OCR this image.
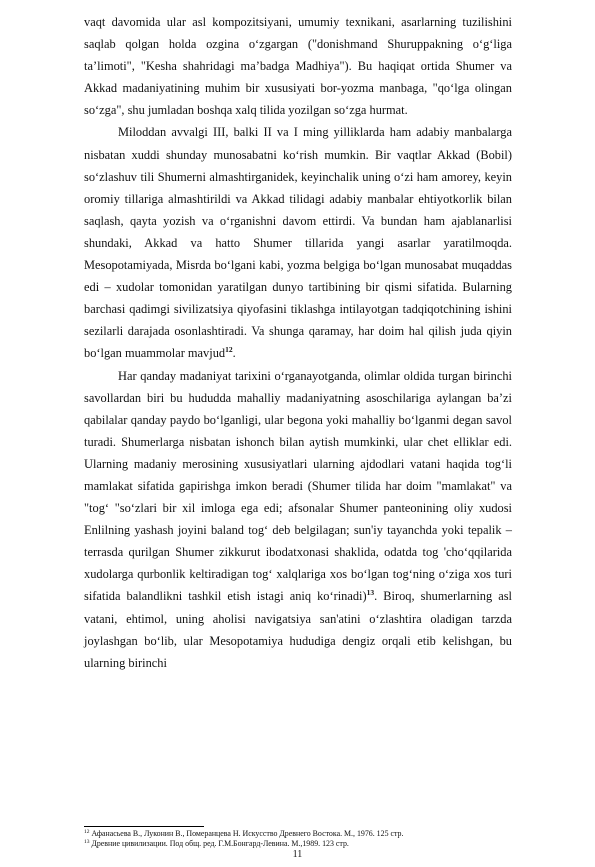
vaqt davomida ular asl kompozitsiyani, umumiy texnikani, asarlarning tuzilishini saqlab qolgan holda ozgina o‘zgargan ("donishmand Shuruppakning o‘g‘liga ta’limoti", "Kesha shahridagi ma’badga Madhiya"). Bu haqiqat ortida Shumer va Akkad madaniyatining muhim bir xususiyati bor-yozma manbaga, "qo‘lga olingan so‘zga", shu jumladan boshqa xalq tilida yozilgan so‘zga hurmat.

Miloddan avvalgi III, balki II va I ming yilliklarda ham adabiy manbalarga nisbatan xuddi shunday munosabatni ko‘rish mumkin. Bir vaqtlar Akkad (Bobil) so‘zlashuv tili Shumerni almashtirganidek, keyinchalik uning o‘zi ham amorey, keyin oromiy tillariga almashtirildi va Akkad tilidagi adabiy manbalar ehtiyotkorlik bilan saqlash, qayta yozish va o‘rganishni davom ettirdi. Va bundan ham ajablanarlisi shundaki, Akkad va hatto Shumer tillarida yangi asarlar yaratilmoqda. Mesopotamiyada, Misrda bo‘lgani kabi, yozma belgiga bo‘lgan munosabat muqaddas edi – xudolar tomonidan yaratilgan dunyo tartibining bir qismi sifatida. Bularning barchasi qadimgi sivilizatsiya qiyofasini tiklashga intilayotgan tadqiqotchining ishini sezilarli darajada osonlashtiradi. Va shunga qaramay, har doim hal qilish juda qiyin bo‘lgan muammolar mavjud$^{12}$.

Har qanday madaniyat tarixini o‘rganayotganda, olimlar oldida turgan birinchi savollardan biri bu hududda mahalliy madaniyatning asoschilariga aylangan ba’zi qabilalar qanday paydo bo‘lganligi, ular begona yoki mahalliy bo‘lganmi degan savol turadi. Shumerlarga nisbatan ishonch bilan aytish mumkinki, ular chet elliklar edi. Ularning madaniy merosining xususiyatlari ularning ajdodlari vatani haqida tog‘li mamlakat sifatida gapirishga imkon beradi (Shumer tilida har doim "mamlakat" va "tog‘ "so‘zlari bir xil imloga ega edi; afsonalar Shumer panteonining oliy xudosi Enlilning yashash joyini baland tog‘ deb belgilagan; sun'iy tayanchda yoki tepalik – terrasda qurilgan Shumer zikkurut ibodatxonasi shaklida, odatda tog 'cho‘qqilarida xudolarga qurbonlik keltiradigan tog‘ xalqlariga xos bo‘lgan tog‘ning o‘ziga xos turi sifatida balandlikni tashkil etish istagi aniq ko‘rinadi)$^{13}$. Biroq, shumerlarning asl vatani, ehtimol, uning aholisi navigatsiya san'atini o‘zlashtira oladigan tarzda joylashgan bo‘lib, ular Mesopotamiya hududiga dengiz orqali etib kelishgan, bu ularning birinchi

$^{12}$ Афанасьева В., Луконин В., Померанцева Н. Искусство Древнего Востока. М., 1976. 125 стр.
$^{13}$ Древние цивилизации. Под общ. ред. Г.М.Бонгард-Левина. М.,1989. 123 стр.
11
